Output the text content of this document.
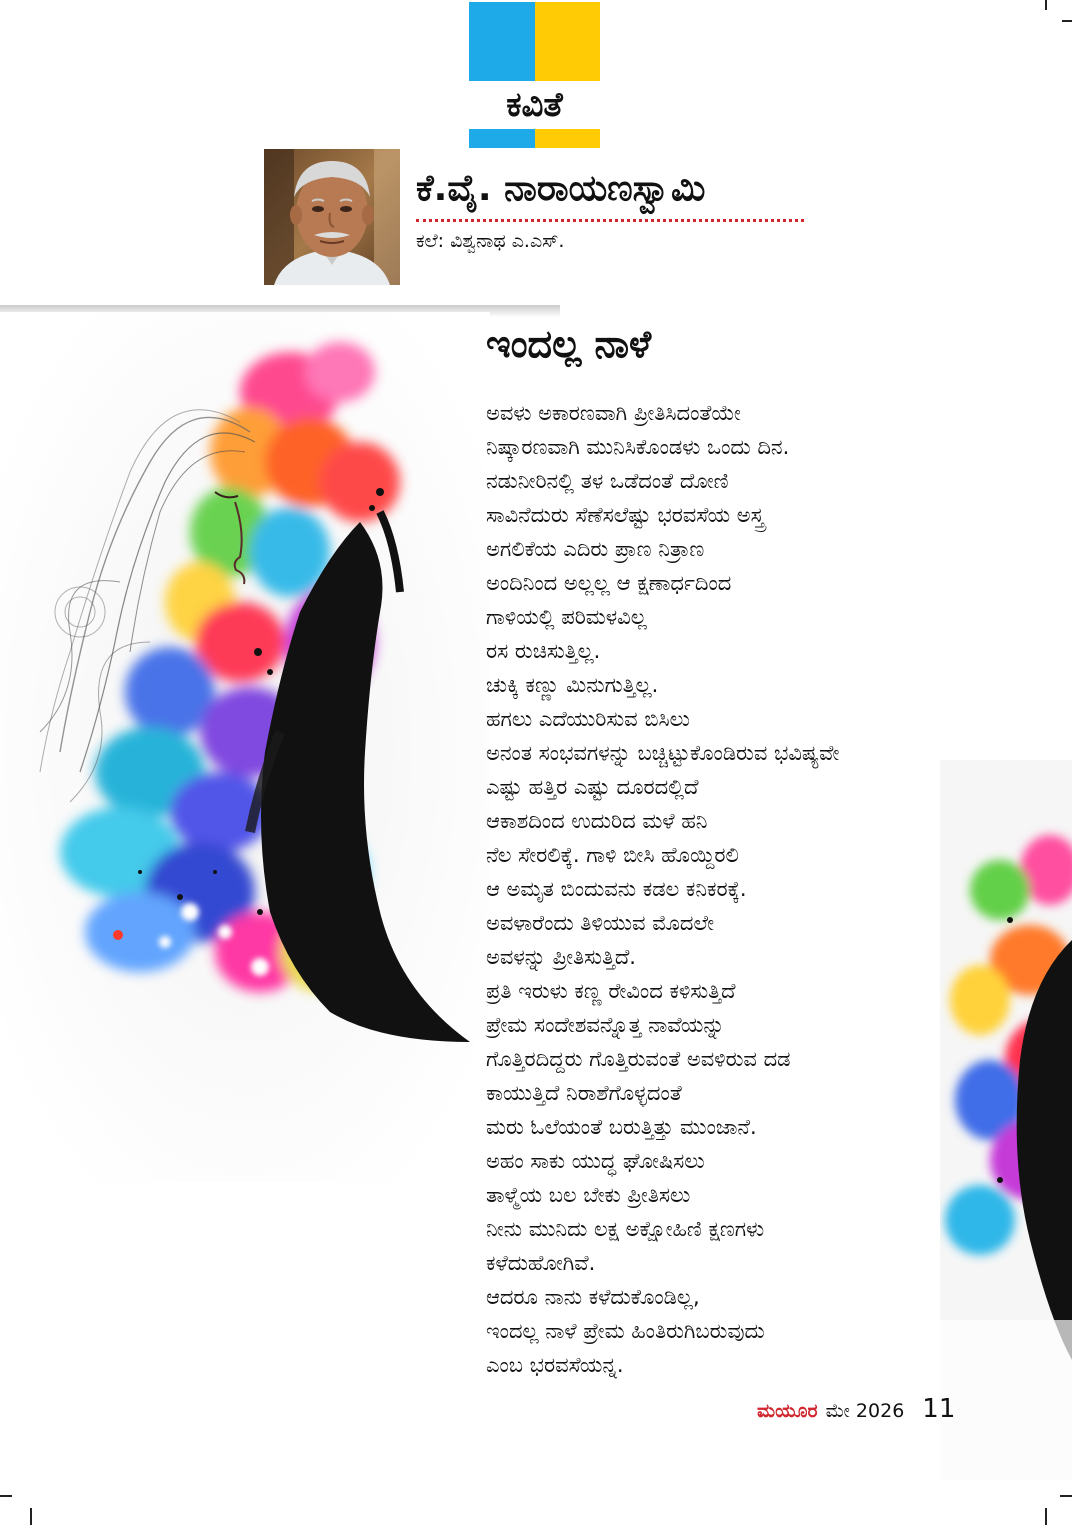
ಕವಿತೆ
ಕೆ.ವೈ. ನಾರಾಯಣಸ್ವಾಮಿ
ಕಲೆ: ವಿಶ್ವನಾಥ ಎ.ಎಸ್.
ಇಂದಲ್ಲ ನಾಳೆ
ಅವಳು ಅಕಾರಣವಾಗಿ ಪ್ರೀತಿಸಿದಂತೆಯೇ
ನಿಷ್ಕಾರಣವಾಗಿ ಮುನಿಸಿಕೊಂಡಳು ಒಂದು ದಿನ.
ನಡುನೀರಿನಲ್ಲಿ ತಳ ಒಡೆದಂತೆ ದೋಣಿ
ಸಾವಿನೆದುರು ಸೆಣೆಸಲೆಷ್ಟು ಭರವಸೆಯ ಅಸ್ತ್ರ
ಅಗಲಿಕೆಯ ಎದಿರು ಪ್ರಾಣ ನಿತ್ರಾಣ
ಅಂದಿನಿಂದ ಅಲ್ಲಲ್ಲ ಆ ಕ್ಷಣಾರ್ಧದಿಂದ
ಗಾಳಿಯಲ್ಲಿ ಪರಿಮಳವಿಲ್ಲ
ರಸ ರುಚಿಸುತ್ತಿಲ್ಲ.
ಚುಕ್ಕಿ ಕಣ್ಣು ಮಿನುಗುತ್ತಿಲ್ಲ.
ಹಗಲು ಎದೆಯುರಿಸುವ ಬಿಸಿಲು
ಅನಂತ ಸಂಭವಗಳನ್ನು ಬಚ್ಚಿಟ್ಟುಕೊಂಡಿರುವ ಭವಿಷ್ಯವೇ
ಎಷ್ಟು ಹತ್ತಿರ ಎಷ್ಟು ದೂರದಲ್ಲಿದೆ
ಆಕಾಶದಿಂದ ಉದುರಿದ ಮಳೆ ಹನಿ
ನೆಲ ಸೇರಲಿಕ್ಕೆ. ಗಾಳಿ ಬೀಸಿ ಹೊಯ್ದಿರಲಿ
ಆ ಅಮೃತ ಬಿಂದುವನು ಕಡಲ ಕನಿಕರಕ್ಕೆ.
ಅವಳಾರೆಂದು ತಿಳಿಯುವ ಮೊದಲೇ
ಅವಳನ್ನು ಪ್ರೀತಿಸುತ್ತಿದೆ.
ಪ್ರತಿ ಇರುಳು ಕಣ್ಣ ರೇವಿಂದ ಕಳಿಸುತ್ತಿದೆ
ಪ್ರೇಮ ಸಂದೇಶವನ್ನೊತ್ತ ನಾವೆಯನ್ನು
ಗೊತ್ತಿರದಿದ್ದರು ಗೊತ್ತಿರುವಂತೆ ಅವಳಿರುವ ದಡ
ಕಾಯುತ್ತಿದೆ ನಿರಾಶೆಗೊಳ್ಳದಂತೆ
ಮರು ಓಲೆಯಂತೆ ಬರುತ್ತಿತ್ತು ಮುಂಜಾನೆ.
ಅಹಂ ಸಾಕು ಯುದ್ಧ ಘೋಷಿಸಲು
ತಾಳ್ಮೆಯ ಬಲ ಬೇಕು ಪ್ರೀತಿಸಲು
ನೀನು ಮುನಿದು ಲಕ್ಷ ಅಕ್ಷೋಹಿಣಿ ಕ್ಷಣಗಳು
ಕಳೆದುಹೋಗಿವೆ.
ಆದರೂ ನಾನು ಕಳೆದುಕೊಂಡಿಲ್ಲ,
ಇಂದಲ್ಲ ನಾಳೆ ಪ್ರೇಮ ಹಿಂತಿರುಗಿಬರುವುದು
ಎಂಬ ಭರವಸೆಯನ್ನ.
ಮಯೂರ ಮೇ 2026 11
